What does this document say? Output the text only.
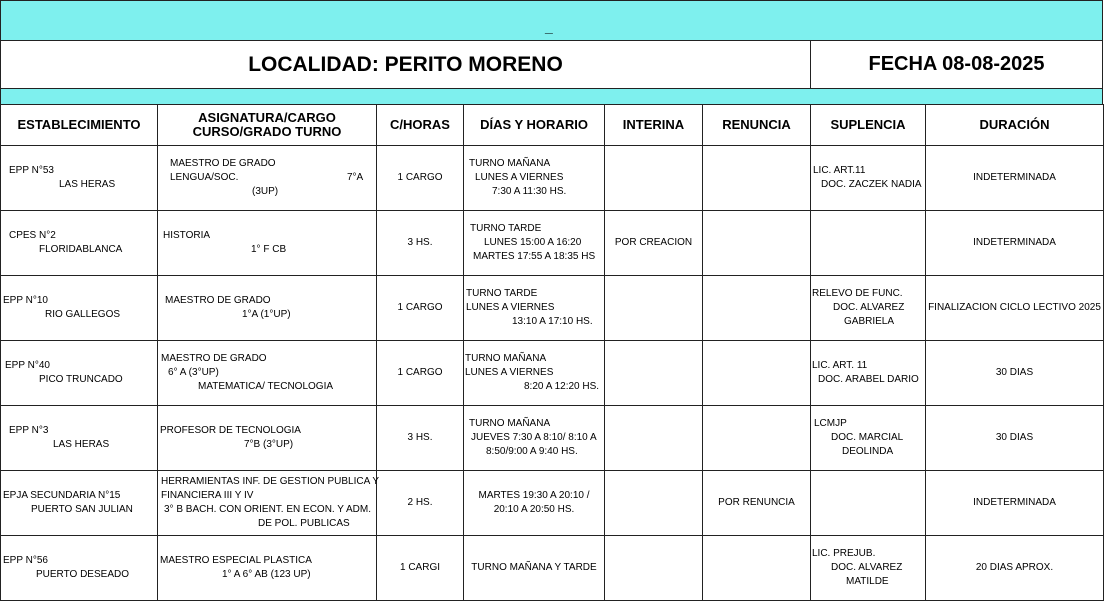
_
LOCALIDAD: PERITO MORENO	FECHA 08-08-2025
ESTABLECIMIENTO	ASIGNATURA/CARGO
CURSO/GRADO TURNO	C/HORAS	DÍAS Y HORARIO	INTERINA	RENUNCIA	SUPLENCIA	DURACIÓN

EPP N°53
LAS HERAS	MAESTRO DE GRADO
LENGUA/SOC. 7°A
(3UP)	1 CARGO	TURNO MAÑANA
LUNES A VIERNES
7:30 A 11:30 HS.			LIC. ART.11
DOC. ZACZEK NADIA	INDETERMINADA

CPES N°2
FLORIDABLANCA	HISTORIA
1° F CB	3 HS.	TURNO TARDE
LUNES 15:00 A 16:20
MARTES 17:55 A 18:35 HS	POR CREACION			INDETERMINADA

EPP N°10
RIO GALLEGOS	MAESTRO DE GRADO
1°A (1°UP)	1 CARGO	TURNO TARDE
LUNES A VIERNES
13:10 A 17:10 HS.			RELEVO DE FUNC.
DOC. ALVAREZ
GABRIELA	FINALIZACION CICLO LECTIVO 2025

EPP N°40
PICO TRUNCADO	MAESTRO DE GRADO
6° A (3°UP)
MATEMATICA/ TECNOLOGIA	1 CARGO	TURNO MAÑANA
LUNES A VIERNES
8:20 A 12:20 HS.			LIC. ART. 11
DOC. ARABEL DARIO	30 DIAS

EPP N°3
LAS HERAS	PROFESOR DE TECNOLOGIA
7°B (3°UP)	3 HS.	TURNO MAÑANA
JUEVES 7:30 A 8:10/ 8:10 A
8:50/9:00 A 9:40 HS.			LCMJP
DOC. MARCIAL
DEOLINDA	30 DIAS

EPJA SECUNDARIA N°15
PUERTO SAN JULIAN	HERRAMIENTAS INF. DE GESTION PUBLICA Y
FINANCIERA III Y IV
3° B BACH. CON ORIENT. EN ECON. Y ADM.
DE POL. PUBLICAS	2 HS.	MARTES 19:30 A 20:10 /
20:10 A 20:50 HS.		POR RENUNCIA		INDETERMINADA

EPP N°56
PUERTO DESEADO	MAESTRO ESPECIAL PLASTICA
1° A 6° AB (123 UP)	1 CARGI	TURNO MAÑANA Y TARDE			LIC. PREJUB.
DOC. ALVAREZ
MATILDE	20 DIAS APROX.
